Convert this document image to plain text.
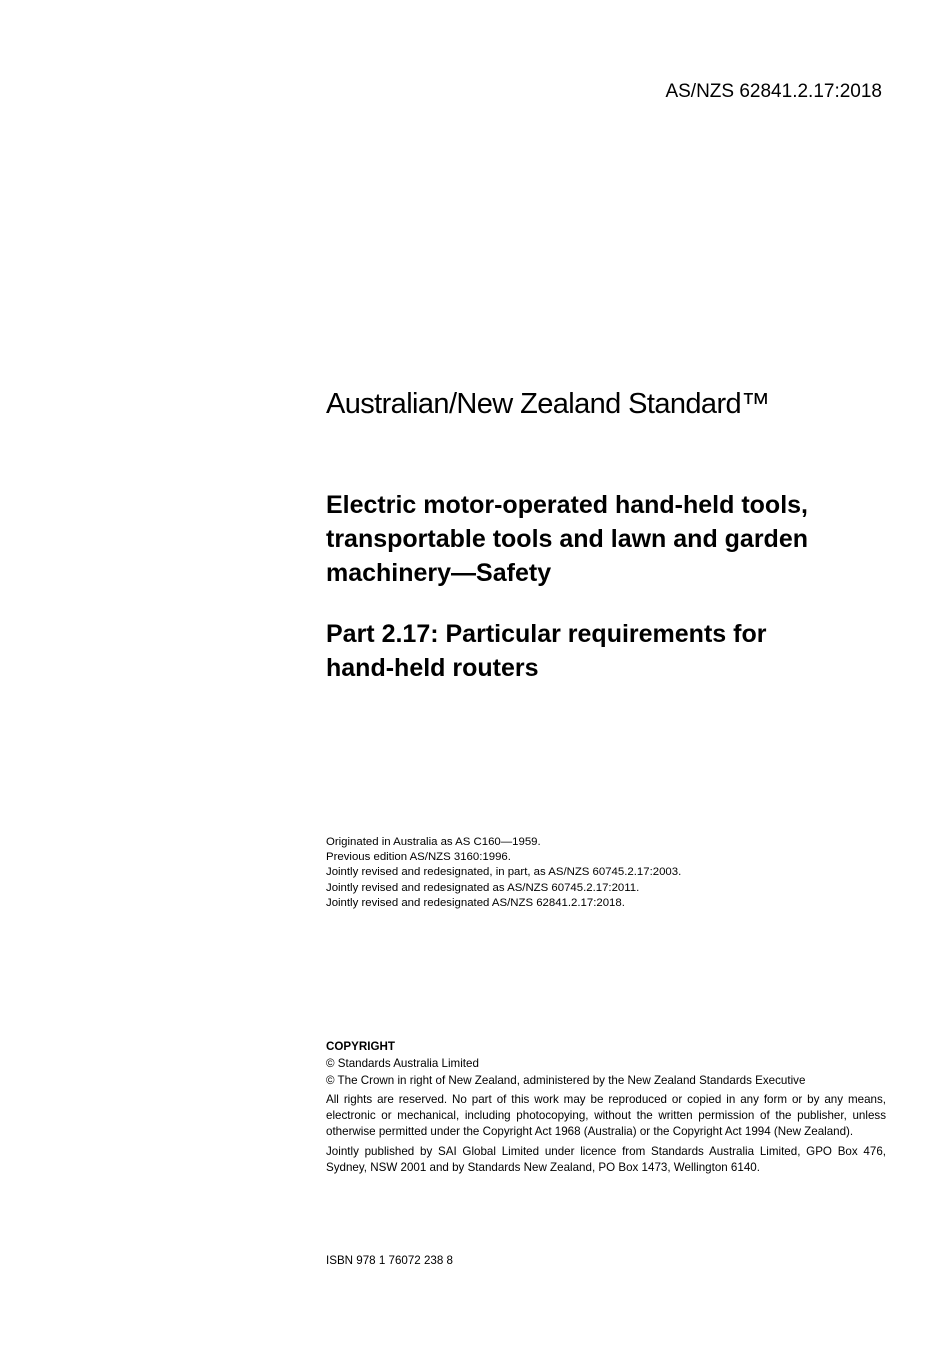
AS/NZS 62841.2.17:2018
Australian/New Zealand Standard™
Electric motor-operated hand-held tools,
transportable tools and lawn and garden
machinery—Safety
Part 2.17: Particular requirements for
hand-held routers
Originated in Australia as AS C160—1959.
Previous edition AS/NZS 3160:1996.
Jointly revised and redesignated, in part, as AS/NZS 60745.2.17:2003.
Jointly revised and redesignated as AS/NZS 60745.2.17:2011.
Jointly revised and redesignated AS/NZS 62841.2.17:2018.
COPYRIGHT
© Standards Australia Limited
© The Crown in right of New Zealand, administered by the New Zealand Standards Executive
All rights are reserved. No part of this work may be reproduced or copied in any form or by any means, electronic or mechanical, including photocopying, without the written permission of the publisher, unless otherwise permitted under the Copyright Act 1968 (Australia) or the Copyright Act 1994 (New Zealand).
Jointly published by SAI Global Limited under licence from Standards Australia Limited, GPO Box 476, Sydney, NSW 2001 and by Standards New Zealand, PO Box 1473, Wellington 6140.
ISBN 978 1 76072 238 8
